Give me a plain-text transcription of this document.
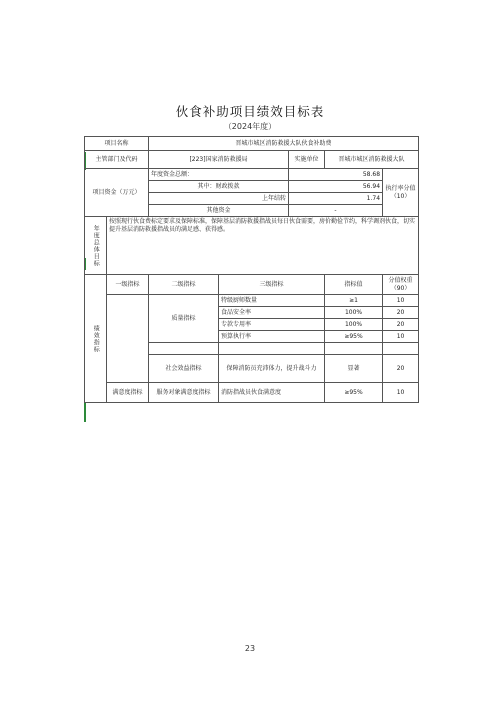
伙食补助项目绩效目标表
（2024年度）
项目名称		晋城市城区消防救援大队伙食补助费				
主管部门及代码		[223]国家消防救援局		实施单位	晋城市城区消防救援大队	
项目资金（万元）		年度资金总额：		58.68		执行率分值（10）
		其中：财政拨款		56.94		
		上年结转		1.74		
		其他资金		-		
年度总体目标	按照现行伙食费标定要求及保障标准，保障基层消防救援指战员每日伙食需要，房价勤俭节约，科学调剂伙食，切实提升基层消防救援指战员的满足感、获得感。					
绩效指标	一级指标	二级指标	三级指标		指标值	分值权重（90）
		质量指标	特级厨师数量		≥1	10
			食品安全率		100%	20
			专款专用率		100%	20
			预算执行率		≥95%	10

		社会效益指标	保障消防员充沛体力，提升战斗力		显著	20
	满意度指标	服务对象满意度指标	消防指战员伙食满意度		≥95%	10
23
